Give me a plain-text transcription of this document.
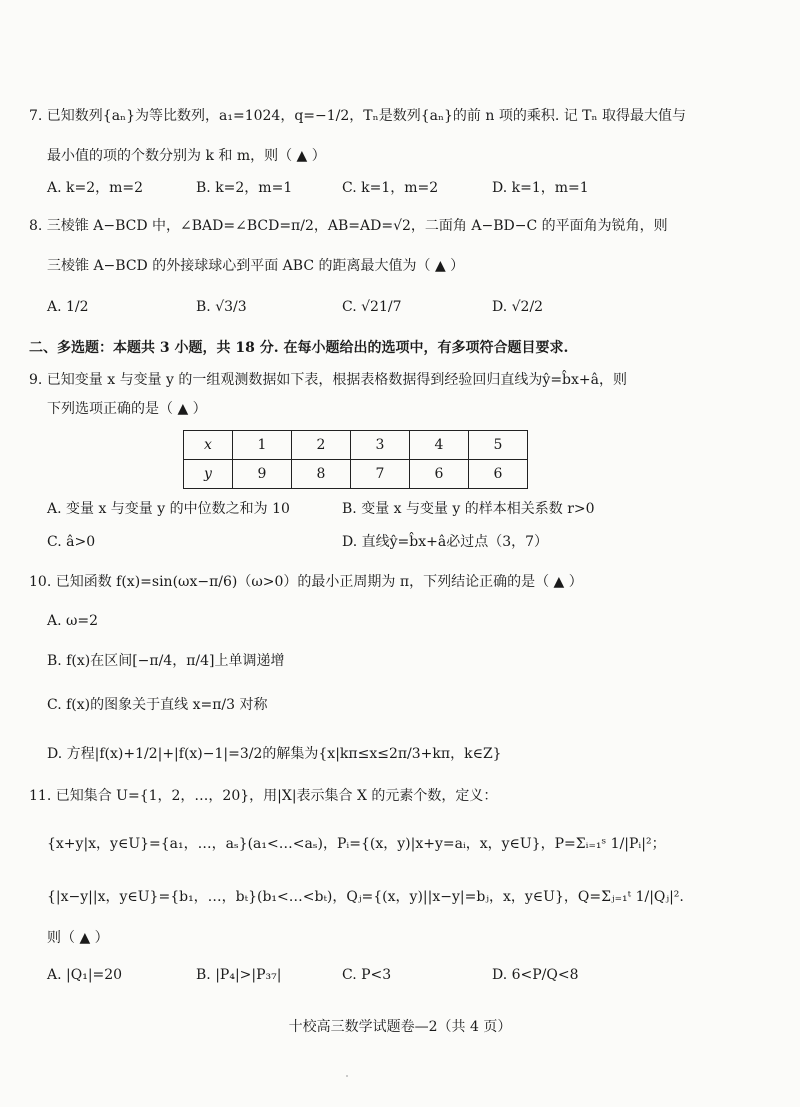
7. 已知数列{aₙ}为等比数列，a₁=1024，q=−1/2，Tₙ是数列{aₙ}的前 n 项的乘积. 记 Tₙ 取得最大值与
最小值的项的个数分别为 k 和 m，则（ ▲ ）
A. k=2，m=2	B. k=2，m=1	C. k=1，m=2	D. k=1，m=1
8. 三棱锥 A−BCD 中，∠BAD=∠BCD=π/2，AB=AD=√2，二面角 A−BD−C 的平面角为锐角，则
三棱锥 A−BCD 的外接球球心到平面 ABC 的距离最大值为（ ▲ ）
A. 1/2	B. √3/3	C. √21/7	D. √2/2
二、多选题：本题共 3 小题，共 18 分. 在每小题给出的选项中，有多项符合题目要求.
9. 已知变量 x 与变量 y 的一组观测数据如下表，根据表格数据得到经验回归直线为ŷ=b̂x+â，则
下列选项正确的是（ ▲ ）
x	1	2	3	4	5
y	9	8	7	6	6
A. 变量 x 与变量 y 的中位数之和为 10	B. 变量 x 与变量 y 的样本相关系数 r>0
C. â>0	D. 直线ŷ=b̂x+â必过点（3，7）
10. 已知函数 f(x)=sin(ωx−π/6)（ω>0）的最小正周期为 π，下列结论正确的是（ ▲ ）
A. ω=2
B. f(x)在区间[−π/4，π/4]上单调递增
C. f(x)的图象关于直线 x=π/3 对称
D. 方程|f(x)+1/2|+|f(x)−1|=3/2的解集为{x|kπ≤x≤2π/3+kπ，k∈Z}
11. 已知集合 U={1，2，…，20}，用|X|表示集合 X 的元素个数，定义：
{x+y|x，y∈U}={a₁，…，aₛ}(a₁<…<aₛ)，Pᵢ={(x，y)|x+y=aᵢ，x，y∈U}，P=Σᵢ₌₁ˢ 1/|Pᵢ|²；
{|x−y||x，y∈U}={b₁，…，bₜ}(b₁<…<bₜ)，Qⱼ={(x，y)||x−y|=bⱼ，x，y∈U}，Q=Σⱼ₌₁ᵗ 1/|Qⱼ|².
则（ ▲ ）
A. |Q₁|=20	B. |P₄|>|P₃₇|	C. P<3	D. 6<P/Q<8
十校高三数学试题卷—2（共 4 页）
